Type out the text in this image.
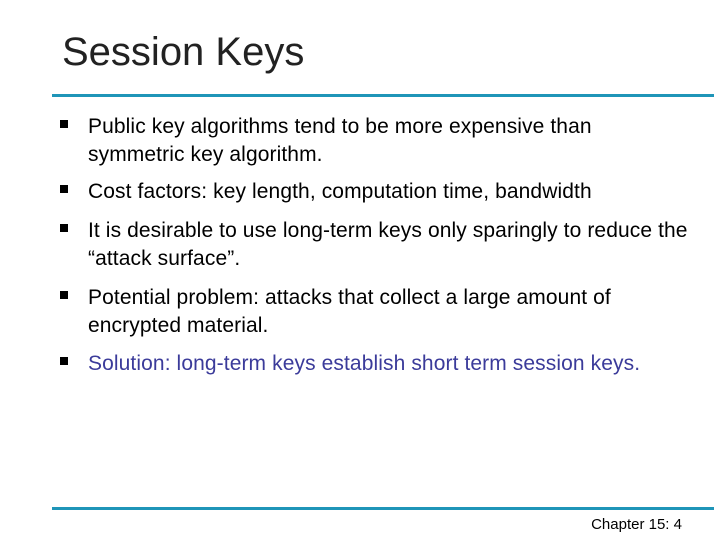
Session Keys
Public key algorithms tend to be more expensive than symmetric key algorithm.
Cost factors: key length, computation time, bandwidth
It is desirable to use long-term keys only sparingly to reduce the “attack surface”.
Potential problem: attacks that collect a large amount of encrypted material.
Solution: long-term keys establish short term session keys.
Chapter 15: 4
